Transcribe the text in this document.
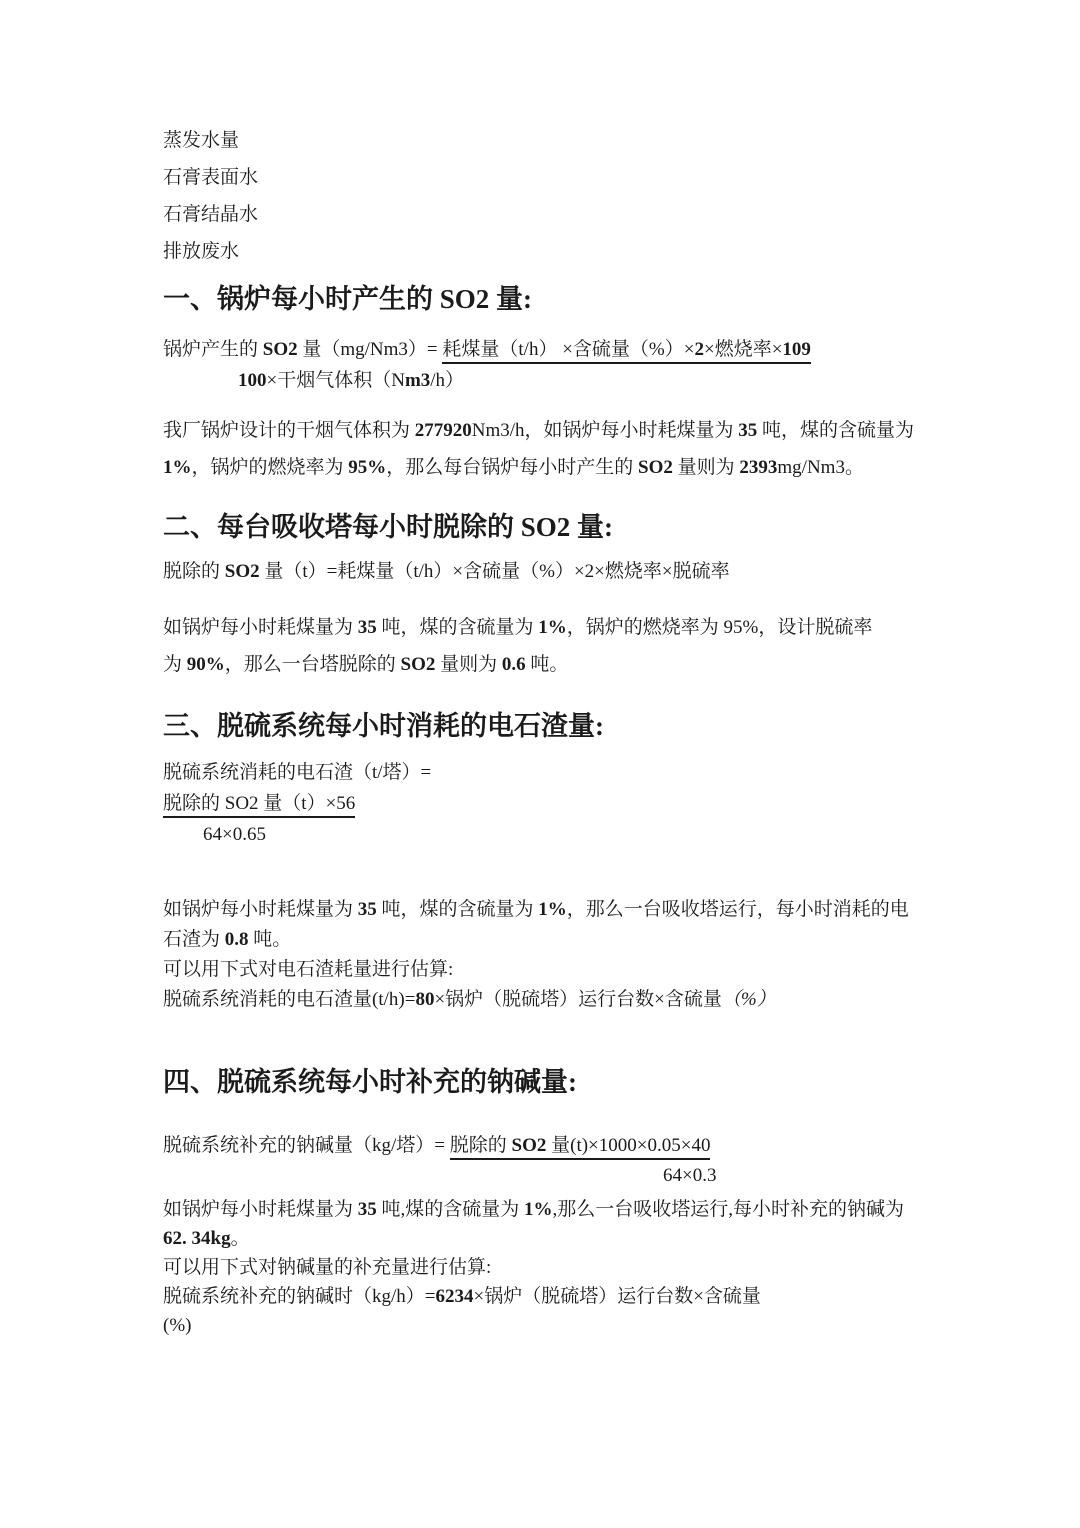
蒸发水量
石膏表面水
石膏结晶水
排放废水
一、锅炉每小时产生的 SO2 量:
锅炉产生的 SO2 量（mg/Nm3）= 耗煤量（t/h） ×含硫量（%）×2×燃烧率×109
100×干烟气体积（Nm3/h）
我厂锅炉设计的干烟气体积为 277920Nm3/h，如锅炉每小时耗煤量为 35 吨，煤的含硫量为
1%，锅炉的燃烧率为 95%，那么每台锅炉每小时产生的 SO2 量则为 2393mg/Nm3。
二、每台吸收塔每小时脱除的 SO2 量:
脱除的 SO2 量（t）=耗煤量（t/h）×含硫量（%）×2×燃烧率×脱硫率
如锅炉每小时耗煤量为 35 吨，煤的含硫量为 1%，锅炉的燃烧率为 95%，设计脱硫率
为 90%，那么一台塔脱除的 SO2 量则为 0.6 吨。
三、脱硫系统每小时消耗的电石渣量:
脱硫系统消耗的电石渣（t/塔）=
脱除的 SO2 量（t）×56
64×0.65
如锅炉每小时耗煤量为 35 吨，煤的含硫量为 1%，那么一台吸收塔运行，每小时消耗的电
石渣为 0.8 吨。
可以用下式对电石渣耗量进行估算:
脱硫系统消耗的电石渣量(t/h)=80×锅炉（脱硫塔）运行台数×含硫量（%）
四、脱硫系统每小时补充的钠碱量:
脱硫系统补充的钠碱量（kg/塔）= 脱除的 SO2 量(t)×1000×0.05×40
64×0.3
如锅炉每小时耗煤量为 35 吨,煤的含硫量为 1%,那么一台吸收塔运行,每小时补充的钠碱为
62. 34kg。
可以用下式对钠碱量的补充量进行估算:
脱硫系统补充的钠碱时（kg/h）=6234×锅炉（脱硫塔）运行台数×含硫量
(%)
